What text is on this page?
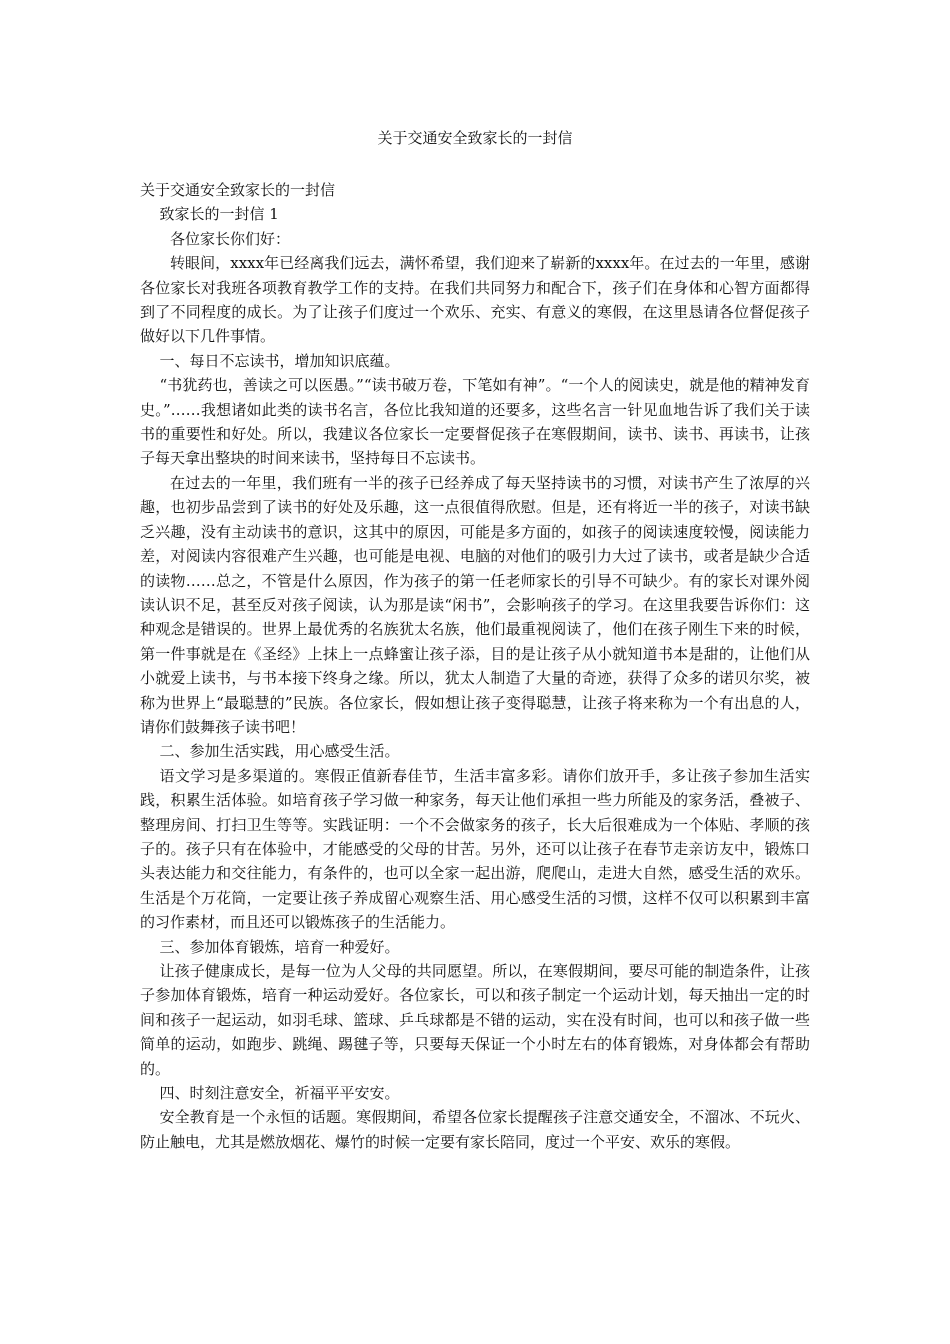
关于交通安全致家长的一封信

关于交通安全致家长的一封信

致家长的一封信 1

各位家长你们好：

转眼间，xxxx年已经离我们远去，满怀希望，我们迎来了崭新的xxxx年。在过去的一年里，感谢各位家长对我班各项教育教学工作的支持。在我们共同努力和配合下，孩子们在身体和心智方面都得到了不同程度的成长。为了让孩子们度过一个欢乐、充实、有意义的寒假，在这里恳请各位督促孩子做好以下几件事情。

一、每日不忘读书，增加知识底蕴。

“书犹药也，善读之可以医愚。”“读书破万卷，下笔如有神”。“一个人的阅读史，就是他的精神发育史。”……我想诸如此类的读书名言，各位比我知道的还要多，这些名言一针见血地告诉了我们关于读书的重要性和好处。所以，我建议各位家长一定要督促孩子在寒假期间，读书、读书、再读书，让孩子每天拿出整块的时间来读书，坚持每日不忘读书。

在过去的一年里，我们班有一半的孩子已经养成了每天坚持读书的习惯，对读书产生了浓厚的兴趣，也初步品尝到了读书的好处及乐趣，这一点很值得欣慰。但是，还有将近一半的孩子，对读书缺乏兴趣，没有主动读书的意识，这其中的原因，可能是多方面的，如孩子的阅读速度较慢，阅读能力差，对阅读内容很难产生兴趣，也可能是电视、电脑的对他们的吸引力大过了读书，或者是缺少合适的读物……总之，不管是什么原因，作为孩子的第一任老师家长的引导不可缺少。有的家长对课外阅读认识不足，甚至反对孩子阅读，认为那是读“闲书”，会影响孩子的学习。在这里我要告诉你们：这种观念是错误的。世界上最优秀的名族犹太名族，他们最重视阅读了，他们在孩子刚生下来的时候，第一件事就是在《圣经》上抹上一点蜂蜜让孩子添，目的是让孩子从小就知道书本是甜的，让他们从小就爱上读书，与书本接下终身之缘。所以，犹太人制造了大量的奇迹，获得了众多的诺贝尔奖，被称为世界上“最聪慧的”民族。各位家长，假如想让孩子变得聪慧，让孩子将来称为一个有出息的人，请你们鼓舞孩子读书吧！

二、参加生活实践，用心感受生活。

语文学习是多渠道的。寒假正值新春佳节，生活丰富多彩。请你们放开手，多让孩子参加生活实践，积累生活体验。如培育孩子学习做一种家务，每天让他们承担一些力所能及的家务活，叠被子、整理房间、打扫卫生等等。实践证明：一个不会做家务的孩子，长大后很难成为一个体贴、孝顺的孩子的。孩子只有在体验中，才能感受的父母的甘苦。另外，还可以让孩子在春节走亲访友中，锻炼口头表达能力和交往能力，有条件的，也可以全家一起出游，爬爬山，走进大自然，感受生活的欢乐。生活是个万花筒，一定要让孩子养成留心观察生活、用心感受生活的习惯，这样不仅可以积累到丰富的习作素材，而且还可以锻炼孩子的生活能力。

三、参加体育锻炼，培育一种爱好。

让孩子健康成长，是每一位为人父母的共同愿望。所以，在寒假期间，要尽可能的制造条件，让孩子参加体育锻炼，培育一种运动爱好。各位家长，可以和孩子制定一个运动计划，每天抽出一定的时间和孩子一起运动，如羽毛球、篮球、乒乓球都是不错的运动，实在没有时间，也可以和孩子做一些简单的运动，如跑步、跳绳、踢毽子等，只要每天保证一个小时左右的体育锻炼，对身体都会有帮助的。

四、时刻注意安全，祈福平平安安。

安全教育是一个永恒的话题。寒假期间，希望各位家长提醒孩子注意交通安全，不溜冰、不玩火、防止触电，尤其是燃放烟花、爆竹的时候一定要有家长陪同，度过一个平安、欢乐的寒假。
